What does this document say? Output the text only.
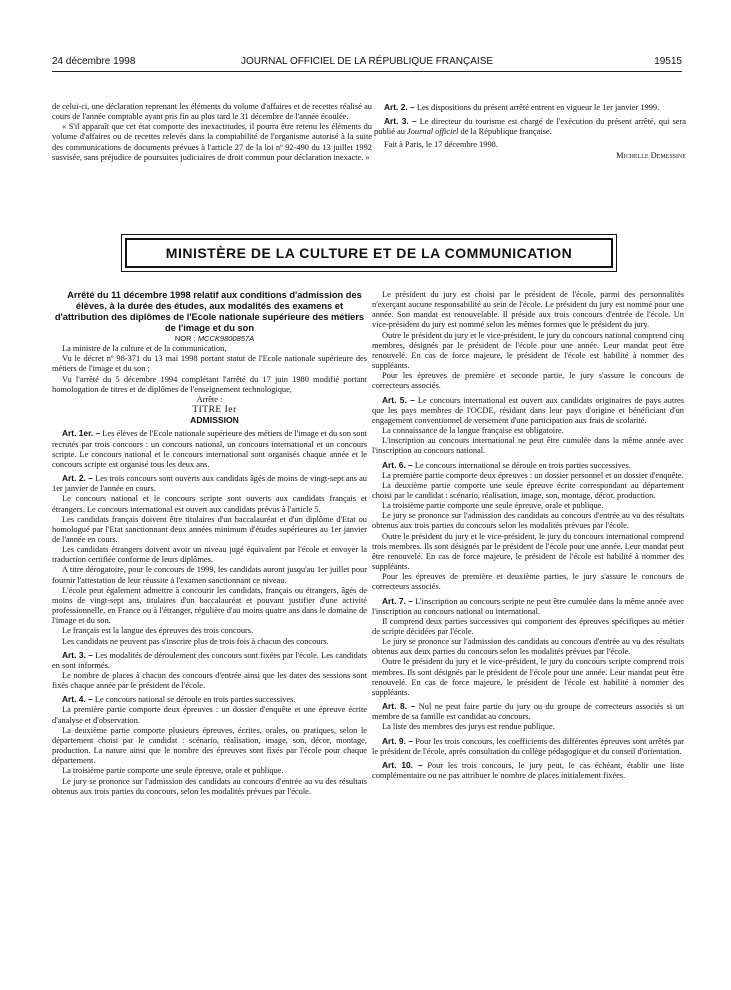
24 décembre 1998	JOURNAL OFFICIEL DE LA RÉPUBLIQUE FRANÇAISE	19515

de celui-ci, une déclaration reprenant les éléments du volume d'affaires et de recettes réalisé au cours de l'année comptable ayant pris fin au plus tard le 31 décembre de l'année écoulée.

« S'il apparaît que cet état comporte des inexactitudes, il pourra être retenu les éléments du volume d'affaires ou de recettes relevés dans la comptabilité de l'organisme autorisé à la suite des communications de documents prévues à l'article 27 de la loi nº 92-490 du 13 juillet 1992 susvisée, sans préjudice de poursuites judiciaires de droit commun pour déclaration inexacte. »

Art. 2. – Les dispositions du présent arrêté entrent en vigueur le 1er janvier 1999.

Art. 3. – Le directeur du tourisme est chargé de l'exécution du présent arrêté, qui sera publié au Journal officiel de la République française.

Fait à Paris, le 17 décembre 1998.

Michelle Demessine

MINISTÈRE DE LA CULTURE ET DE LA COMMUNICATION

Arrêté du 11 décembre 1998 relatif aux conditions d'admission des élèves, à la durée des études, aux modalités des examens et d'attribution des diplômes de l'Ecole nationale supérieure des métiers de l'image et du son

NOR : MCCK9800857A

La ministre de la culture et de la communication,

Vu le décret nº 98-371 du 13 mai 1998 portant statut de l'Ecole nationale supérieure des métiers de l'image et du son ;

Vu l'arrêté du 5 décembre 1994 complétant l'arrêté du 17 juin 1980 modifié portant homologation de titres et de diplômes de l'enseignement technologique,

Arrête :

TITRE Ier

ADMISSION

Art. 1er. – Les élèves de l'Ecole nationale supérieure des métiers de l'image et du son sont recrutés par trois concours : un concours national, un concours international et un concours scripte. Le concours national et le concours international sont organisés chaque année et le concours scripte est organisé tous les deux ans.

Art. 2. – Les trois concours sont ouverts aux candidats âgés de moins de vingt-sept ans au 1er janvier de l'année en cours.

Le concours national et le concours scripte sont ouverts aux candidats français et étrangers. Le concours international est ouvert aux candidats prévus à l'article 5.

Les candidats français doivent être titulaires d'un baccalauréat et d'un diplôme d'Etat ou homologué par l'Etat sanctionnant deux années minimum d'études supérieures au 1er janvier de l'année en cours.

Les candidats étrangers doivent avoir un niveau jugé équivalent par l'école et envoyer la traduction certifiée conforme de leurs diplômes.

A titre dérogatoire, pour le concours de 1999, les candidats auront jusqu'au 1er juillet pour fournir l'attestation de leur réussite à l'examen sanctionnant ce niveau.

L'école peut également admettre à concourir les candidats, français ou étrangers, âgés de moins de vingt-sept ans, titulaires d'un baccalauréat et pouvant justifier d'une activité professionnelle, en France ou à l'étranger, régulière d'au moins quatre ans dans le domaine de l'image et du son.

Le français est la langue des épreuves des trois concours.

Les candidats ne peuvent pas s'inscrire plus de trois fois à chacun des concours.

Art. 3. – Les modalités de déroulement des concours sont fixées par l'école. Les candidats en sont informés.

Le nombre de places à chacun des concours d'entrée ainsi que les dates des sessions sont fixés chaque année par le président de l'école.

Art. 4. – Le concours national se déroule en trois parties successives.

La première partie comporte deux épreuves : un dossier d'enquête et une épreuve écrite d'analyse et d'observation.

La deuxième partie comporte plusieurs épreuves, écrites, orales, ou pratiques, selon le département choisi par le candidat : scénario, réalisation, image, son, décor, montage, production. La nature ainsi que le nombre des épreuves sont fixés par l'école pour chaque département.

La troisième partie comporte une seule épreuve, orale et publique.

Le jury se prononce sur l'admission des candidats au concours d'entrée au vu des résultats obtenus aux trois parties du concours, selon les modalités prévues par l'école.

Le président du jury est choisi par le président de l'école, parmi des personnalités n'exerçant aucune responsabilité au sein de l'école. Le président du jury est nommé pour une année. Son mandat est renouvelable. Il préside aux trois concours d'entrée de l'école. Un vice-président du jury est nommé selon les mêmes formes que le président du jury.

Outre le président du jury et le vice-président, le jury du concours national comprend cinq membres, désignés par le président de l'école pour une année. Leur mandat peut être renouvelé. En cas de force majeure, le président de l'école est habilité à nommer des suppléants.

Pour les épreuves de première et seconde partie, le jury s'assure le concours de correcteurs associés.

Art. 5. – Le concours international est ouvert aux candidats originaires de pays autres que les pays membres de l'OCDE, résidant dans leur pays d'origine et bénéficiant d'un engagement conventionnel de versement d'une participation aux frais de scolarité.

La connaissance de la langue française est obligatoire.

L'inscription au concours international ne peut être cumulée dans la même année avec l'inscription au concours national.

Art. 6. – Le concours international se déroule en trois parties successives.

La première partie comporte deux épreuves : un dossier personnel et un dossier d'enquête.

La deuxième partie comporte une seule épreuve écrite correspondant au département choisi par le candidat : scénario, réalisation, image, son, montage, décor, production.

La troisième partie comporte une seule épreuve, orale et publique.

Le jury se prononce sur l'admission des candidats au concours d'entrée au vu des résultats obtenus aux trois parties du concours selon les modalités prévues par l'école.

Outre le président du jury et le vice-président, le jury du concours international comprend trois membres. Ils sont désignés par le président de l'école pour une année. Leur mandat peut être renouvelé. En cas de force majeure, le président de l'école est habilité à nommer des suppléants.

Pour les épreuves de première et deuxième parties, le jury s'assure le concours de correcteurs associés.

Art. 7. – L'inscription au concours scripte ne peut être cumulée dans la même année avec l'inscription au concours national ou international.

Il comprend deux parties successives qui comportent des épreuves spécifiques au métier de scripte décidées par l'école.

Le jury se prononce sur l'admission des candidats au concours d'entrée au vu des résultats obtenus aux deux parties du concours selon les modalités prévues par l'école.

Outre le président du jury et le vice-président, le jury du concours scripte comprend trois membres. Ils sont désignés par le président de l'école pour une année. Leur mandat peut être renouvelé. En cas de force majeure, le président de l'école est habilité à nommer des suppléants.

Art. 8. – Nul ne peut faire partie du jury ou du groupe de correcteurs associés si un membre de sa famille est candidat au concours.

La liste des membres des jurys est rendue publique.

Art. 9. – Pour les trois concours, les coefficients des différentes épreuves sont arrêtés par le président de l'école, après consultation du collège pédagogique et du conseil d'orientation.

Art. 10. – Pour les trois concours, le jury peut, le cas échéant, établir une liste complémentaire ou ne pas attribuer le nombre de places initialement fixées.
